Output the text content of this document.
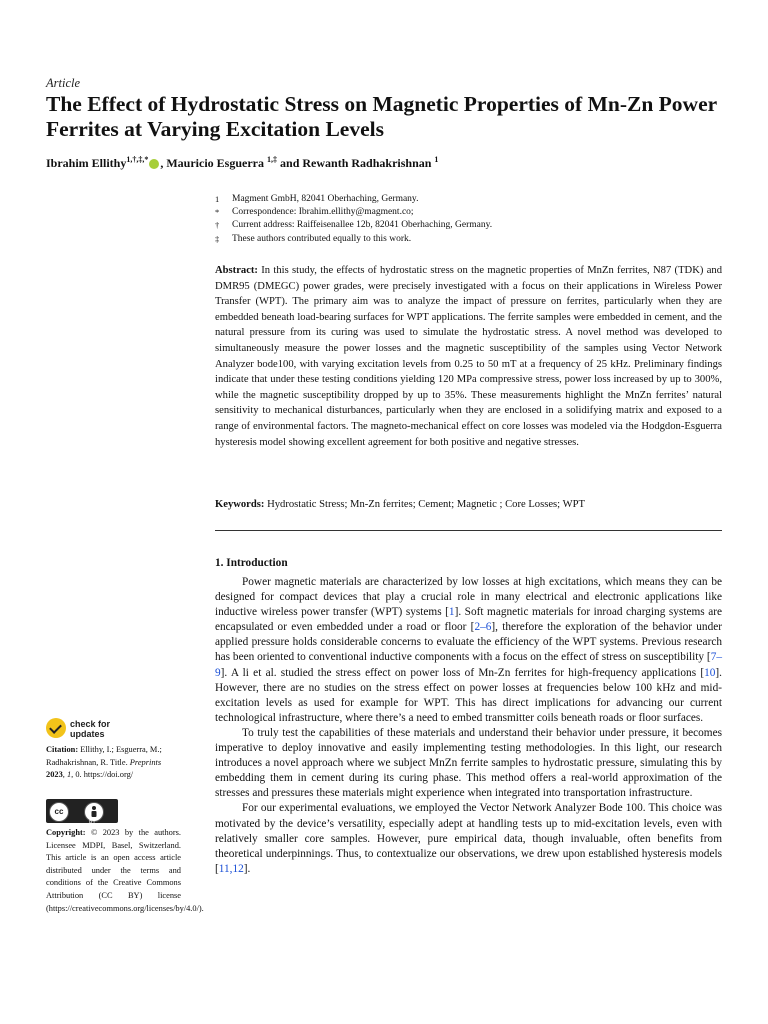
Article
The Effect of Hydrostatic Stress on Magnetic Properties of Mn-Zn Power Ferrites at Varying Excitation Levels
Ibrahim Ellithy$^{1,\dagger,\ddagger,*}$ , Mauricio Esguerra $^{1,\ddagger}$ and Rewanth Radhakrishnan $^1$
1	Magment GmbH, 82041 Oberhaching, Germany.
*	Correspondence: Ibrahim.ellithy@magment.co;
†	Current address: Raiffeisenallee 12b, 82041 Oberhaching, Germany.
‡	These authors contributed equally to this work.
Abstract: In this study, the effects of hydrostatic stress on the magnetic properties of MnZn ferrites, N87 (TDK) and DMR95 (DMEGC) power grades, were precisely investigated with a focus on their applications in Wireless Power Transfer (WPT). The primary aim was to analyze the impact of pressure on ferrites, particularly when they are embedded beneath load-bearing surfaces for WPT applications. The ferrite samples were embedded in cement, and the natural pressure from its curing was used to simulate the hydrostatic stress. A novel method was developed to simultaneously measure the power losses and the magnetic susceptibility of the samples using Vector Network Analyzer bode100, with varying excitation levels from 0.25 to 50 mT at a frequency of 25 kHz. Preliminary findings indicate that under these testing conditions yielding 120 MPa compressive stress, power loss increased by up to 300%, while the magnetic susceptibility dropped by up to 35%. These measurements highlight the MnZn ferrites’ natural sensitivity to mechanical disturbances, particularly when they are enclosed in a solidifying matrix and exposed to a range of environmental factors. The magneto-mechanical effect on core losses was modeled via the Hodgdon-Esguerra hysteresis model showing excellent agreement for both positive and negative stresses.
Keywords: Hydrostatic Stress; Mn-Zn ferrites; Cement; Magnetic ; Core Losses; WPT
1. Introduction

Power magnetic materials are characterized by low losses at high excitations, which means they can be designed for compact devices that play a crucial role in many electrical and electronic applications like inductive wireless power transfer (WPT) systems [1]. Soft magnetic materials for inroad charging systems are encapsulated or even embedded under a road or floor [2–6], therefore the exploration of the behavior under applied pressure holds considerable concerns to evaluate the efficiency of the WPT systems. Previous research has been oriented to conventional inductive components with a focus on the effect of stress on susceptibility [7–9]. A li et al. studied the stress effect on power loss of Mn-Zn ferrites for high-frequency applications [10]. However, there are no studies on the stress effect on power losses at frequencies below 100 kHz and mid-excitation levels as used for example for WPT. This has direct implications for advancing our current technological infrastructure, where there’s a need to embed transmitter coils beneath roads or floor surfaces.

To truly test the capabilities of these materials and understand their behavior under pressure, it becomes imperative to deploy innovative and easily implementing testing methodologies. In this light, our research introduces a novel approach where we subject MnZn ferrite samples to hydrostatic pressure, simulating this by embedding them in cement during its curing phase. This method offers a real-world approximation of the stresses and pressures these materials might experience when integrated into transportation infrastructure.

For our experimental evaluations, we employed the Vector Network Analyzer Bode 100. This choice was motivated by the device’s versatility, especially adept at handling tests up to mid-excitation levels, even with relatively smaller core samples. However, pure empirical data, though invaluable, often benefits from theoretical underpinnings. Thus, to contextualize our observations, we drew upon established hysteresis models [11,12].

check for
updates
Citation: Ellithy, I.; Esguerra, M.; Radhakrishnan, R. Title. Preprints 2023, 1, 0. https://doi.org/
cc
BY
Copyright: © 2023 by the authors. Licensee MDPI, Basel, Switzerland. This article is an open access article distributed under the terms and conditions of the Creative Commons Attribution (CC BY) license (https://creativecommons.org/licenses/by/4.0/).
